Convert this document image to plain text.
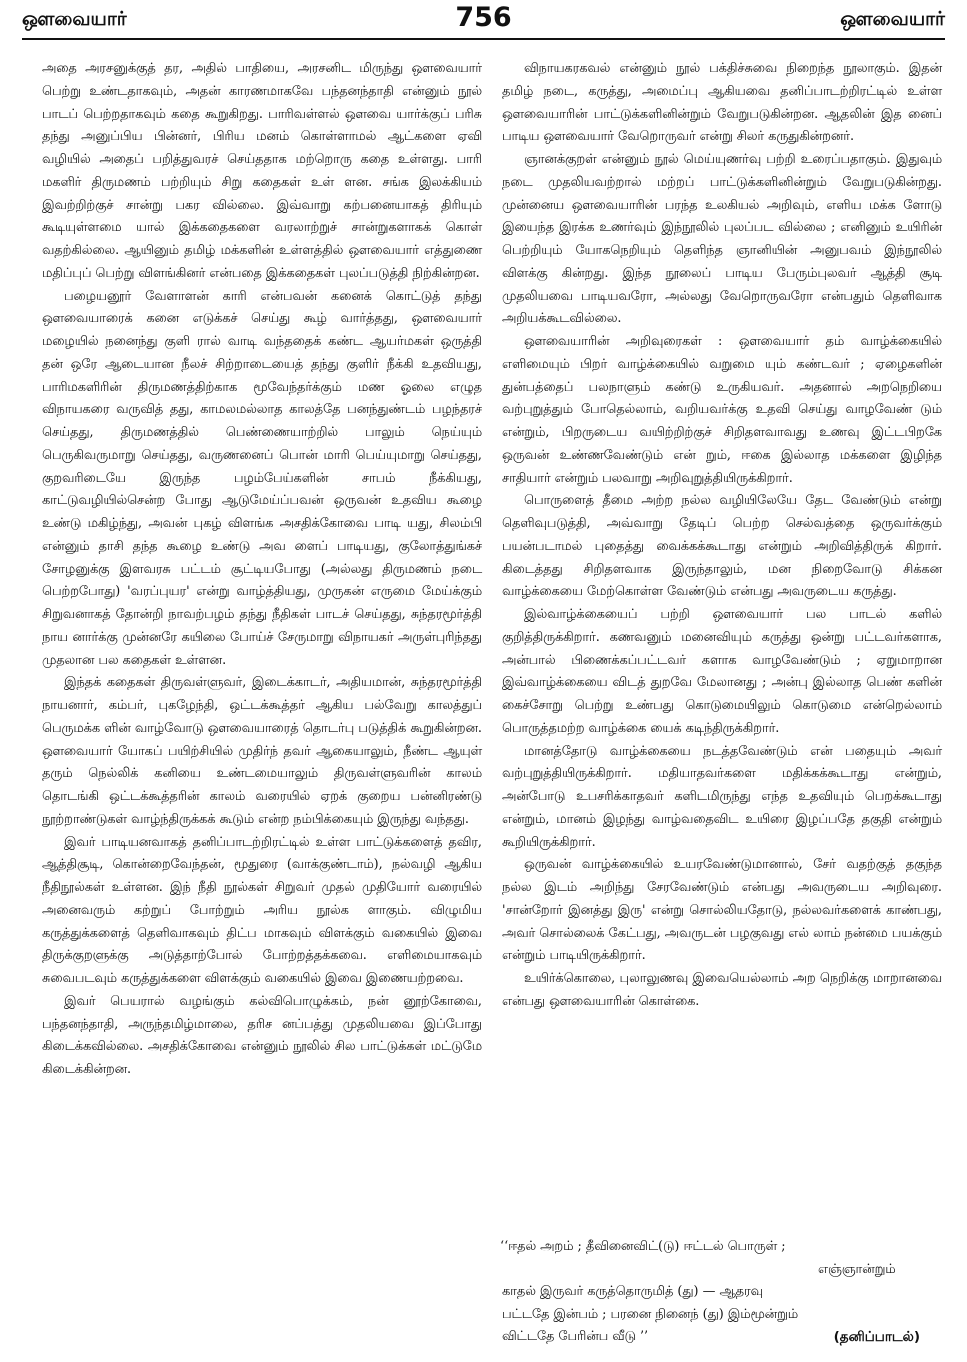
ஔவையார்	756	ஔவையார்

அதை அரசனுக்குத் தர, அதில் பாதியை, அரசனிட மிருந்து ஔவையார் பெற்று உண்டதாகவும், அதன் காரணமாகவே பந்தனந்தாதி என்னும் நூல் பாடப் பெற்றதாகவும் கதை கூறுகிறது. பாரிவள்ளல் ஔவை யார்க்குப் பரிசு தந்து அனுப்பிய பின்னர், பிரிய மனம் கொள்ளாமல் ஆட்களை ஏவி வழியில் அதைப் பறித்துவரச் செய்ததாக மற்றொரு கதை உள்ளது. பாரி மகளிர் திருமணம் பற்றியும் சிறு கதைகள் உள் ளன. சங்க இலக்கியம் இவற்றிற்குச் சான்று பகர வில்லை. இவ்வாறு கற்பனையாகத் திரியும் கூடியுள்ளமை யால் இக்கதைகளை வரலாற்றுச் சான்றுகளாகக் கொள் வதற்கில்லை. ஆயினும் தமிழ் மக்களின் உள்ளத்தில் ஔவையார் எத்துணை மதிப்புப் பெற்று விளங்கினர் என்பதை இக்கதைகள் புலப்படுத்தி நிற்கின்றன.

பழையனூர் வேளாளன் காரி என்பவன் கனைக் கொட்டுத் தந்து ஔவையாரைக் கனை எடுக்கச் செய்து கூழ் வார்த்தது, ஔவையார் மழையில் நனைந்து குளி ரால் வாடி வந்ததைக் கண்ட ஆயர்மகள் ஒருத்தி தன் ஒரே ஆடையான நீலச் சிற்றாடையைத் தந்து குளிர் நீக்கி உதவியது, பாரிமகளிரின் திருமணத்திற்காக மூவேந்தர்க்கும் மண ஓலை எழுத விநாயகரை வருவித் தது, காமலமல்லாத காலத்தே பனந்துண்டம் பழந்தரச் செய்தது, திருமணத்தில் பெண்ணையாற்றில் பாலும் நெய்யும் பெருகிவருமாறு செய்தது, வருணனைப் பொன் மாரி பெய்யுமாறு செய்தது, குறவரிடையே இருந்த பழம்பேய்களின் சாபம் நீக்கியது, காட்டுவழியில்சென்ற போது ஆடுமேய்ப்பவன் ஒருவன் உதவிய கூழை உண்டு மகிழ்ந்து, அவன் புகழ் விளங்க அசதிக்கோவை பாடி யது, சிலம்பி என்னும் தாசி தந்த கூழை உண்டு அவ ளைப் பாடியது, குலோத்துங்கச் சோழனுக்கு இளவரசு பட்டம் சூட்டியபோது (அல்லது திருமணம் நடை பெற்றபோது) 'வரப்புயர' என்று வாழ்த்தியது, முருகன் எருமை மேய்க்கும் சிறுவனாகத் தோன்றி நாவற்பழம் தந்து நீதிகள் பாடச் செய்தது, சுந்தரமூர்த்தி நாய னார்க்கு முன்னரே கயிலை போய்ச் சேருமாறு விநாயகர் அருள்புரிந்தது முதலான பல கதைகள் உள்ளன.

இந்தக் கதைகள் திருவள்ளுவர், இடைக்காடர், அதியமான், சுந்தரமூர்த்தி நாயனார், கம்பர், புகழேந்தி, ஒட்டக்கூத்தர் ஆகிய பல்வேறு காலத்துப் பெருமக்க ளின் வாழ்வோடு ஔவையாரைத் தொடர்பு படுத்திக் கூறுகின்றன. ஔவையார் யோகப் பயிற்சியில் முதிர்ந் தவர் ஆகையாலும், நீண்ட ஆயுள் தரும் நெல்லிக் கனியை உண்டமையாலும் திருவள்ளுவரின் காலம் தொடங்கி ஒட்டக்கூத்தரின் காலம் வரையில் ஏறக் குறைய பன்னிரண்டு நூற்றாண்டுகள் வாழ்ந்திருக்கக் கூடும் என்ற நம்பிக்கையும் இருந்து வந்தது.

இவர் பாடியனவாகத் தனிப்பாடற்றிரட்டில் உள்ள பாட்டுக்களைத் தவிர, ஆத்திசூடி, கொன்றைவேந்தன், மூதுரை (வாக்குண்டாம்), நல்வழி ஆகிய நீதிநூல்கள் உள்ளன. இந் நீதி நூல்கள் சிறுவர் முதல் முதியோர் வரையில் அனைவரும் கற்றுப் போற்றும் அரிய நூல்க ளாகும். விழுமிய கருத்துக்களைத் தெளிவாகவும் திட்ப மாகவும் விளக்கும் வகையில் இவை திருக்குறளுக்கு அடுத்தாற்போல் போற்றத்தக்கவை. எளிமையாகவும் சுவைபடவும் கருத்துக்களை விளக்கும் வகையில் இவை இணையற்றவை.

இவர் பெயரால் வழங்கும் கல்விபொழுக்கம், நன் னூற்கோவை, பந்தனந்தாதி, அருந்தமிழ்மாலை, தரிச னப்பத்து முதலியவை இப்போது கிடைக்கவில்லை. அசதிக்கோவை என்னும் நூலில் சில பாட்டுக்கள் மட்டுமே கிடைக்கின்றன.

விநாயகரகவல் என்னும் நூல் பக்திச்சுவை நிறைந்த நூலாகும். இதன் தமிழ் நடை, கருத்து, அமைப்பு ஆகியவை தனிப்பாடற்றிரட்டில் உள்ள ஔவையாரின் பாட்டுக்களினின்றும் வேறுபடுகின்றன. ஆதலின் இத னைப் பாடிய ஔவையார் வேறொருவர் என்று சிலர் கருதுகின்றனர்.

ஞானக்குறள் என்னும் நூல் மெய்யுணர்வு பற்றி உரைப்பதாகும். இதுவும் நடை முதலியவற்றால் மற்றப் பாட்டுக்களினின்றும் வேறுபடுகின்றது. முன்னைய ஔவையாரின் பரந்த உலகியல் அறிவும், எளிய மக்க ளோடு இயைந்த இரக்க உணர்வும் இந்நூலில் புலப்பட வில்லை ; எனினும் உயிரின் பெற்றியும் யோகநெறியும் தெளிந்த ஞானியின் அனுபவம் இந்நூலில் விளக்கு கின்றது. இந்த நூலைப் பாடிய பேரும்புலவர் ஆத்தி சூடி முதலியவை பாடியவரோ, அல்லது வேறொருவரோ என்பதும் தெளிவாக அறியக்கூடவில்லை.

ஔவையாரின் அறிவுரைகள் : ஔவையார் தம் வாழ்க்கையில் எளிமையும் பிறர் வாழ்க்கையில் வறுமை யும் கண்டவர் ; ஏழைகளின் துன்பத்தைப் பலநாளும் கண்டு உருகியவர். அதனால் அறநெறியை வற்புறுத்தும் போதெல்லாம், வறியவர்க்கு உதவி செய்து வாழவேண் டும் என்றும், பிறருடைய வயிற்றிற்குச் சிறிதளவாவது உணவு இட்டபிறகே ஒருவன் உண்ணவேண்டும் என் றும், ஈகை இல்லாத மக்களை இழிந்த சாதியார் என்றும் பலவாறு அறிவுறுத்தியிருக்கிறார்.

பொருளைத் தீமை அற்ற நல்ல வழியிலேயே தேட வேண்டும் என்று தெளிவுபடுத்தி, அவ்வாறு தேடிப் பெற்ற செல்வத்தை ஒருவர்க்கும் பயன்படாமல் புதைத்து வைக்கக்கூடாது என்றும் அறிவித்திருக் கிறார். கிடைத்தது சிறிதளவாக இருந்தாலும், மன நிறைவோடு சிக்கன வாழ்க்கையை மேற்கொள்ள வேண்டும் என்பது அவருடைய கருத்து.

இல்வாழ்க்கையைப் பற்றி ஔவையார் பல பாடல் களில் குறித்திருக்கிறார். கணவனும் மனைவியும் கருத்து ஒன்று பட்டவர்களாக, அன்பால் பிணைக்கப்பட்டவர் களாக வாழவேண்டும் ; ஏறுமாறான இவ்வாழ்க்கையை விடத் துறவே மேலானது ; அன்பு இல்லாத பெண் களின் கைச்சோறு பெற்று உண்பது கொடுமையிலும் கொடுமை என்றெல்லாம் பொருத்தமற்ற வாழ்க்கை யைக் கடிந்திருக்கிறார்.

மானத்தோடு வாழ்க்கையை நடத்தவேண்டும் என் பதையும் அவர் வற்புறுத்தியிருக்கிறார். மதியாதவர்களை மதிக்கக்கூடாது என்றும், அன்போடு உபசரிக்காதவர் களிடமிருந்து எந்த உதவியும் பெறக்கூடாது என்றும், மானம் இழந்து வாழ்வதைவிட உயிரை இழப்பதே தகுதி என்றும் கூறியிருக்கிறார்.

ஒருவன் வாழ்க்கையில் உயரவேண்டுமானால், சேர் வதற்குத் தகுந்த நல்ல இடம் அறிந்து சேரவேண்டும் என்பது அவருடைய அறிவுரை. 'சான்றோர் இனத்து இரு' என்று சொல்லியதோடு, நல்லவர்களைக் காண்பது, அவர் சொல்லைக் கேட்பது, அவருடன் பழகுவது எல் லாம் நன்மை பயக்கும் என்றும் பாடியிருக்கிறார்.

உயிர்க்கொலை, புலாலுணவு இவையெல்லாம் அற நெறிக்கு மாறானவை என்பது ஔவையாரின் கொள்கை.

‘‘ஈதல் அறம் ; தீவினைவிட்(டு) ஈட்டல் பொருள் ;
எஞ்ஞான்றும்
காதல் இருவர் கருத்தொருமித் (து) — ஆதரவு
பட்டதே இன்பம் ; பரனை நினைந் (து) இம்மூன்றும்
விட்டதே பேரின்ப வீடு ’’	(தனிப்பாடல்)
